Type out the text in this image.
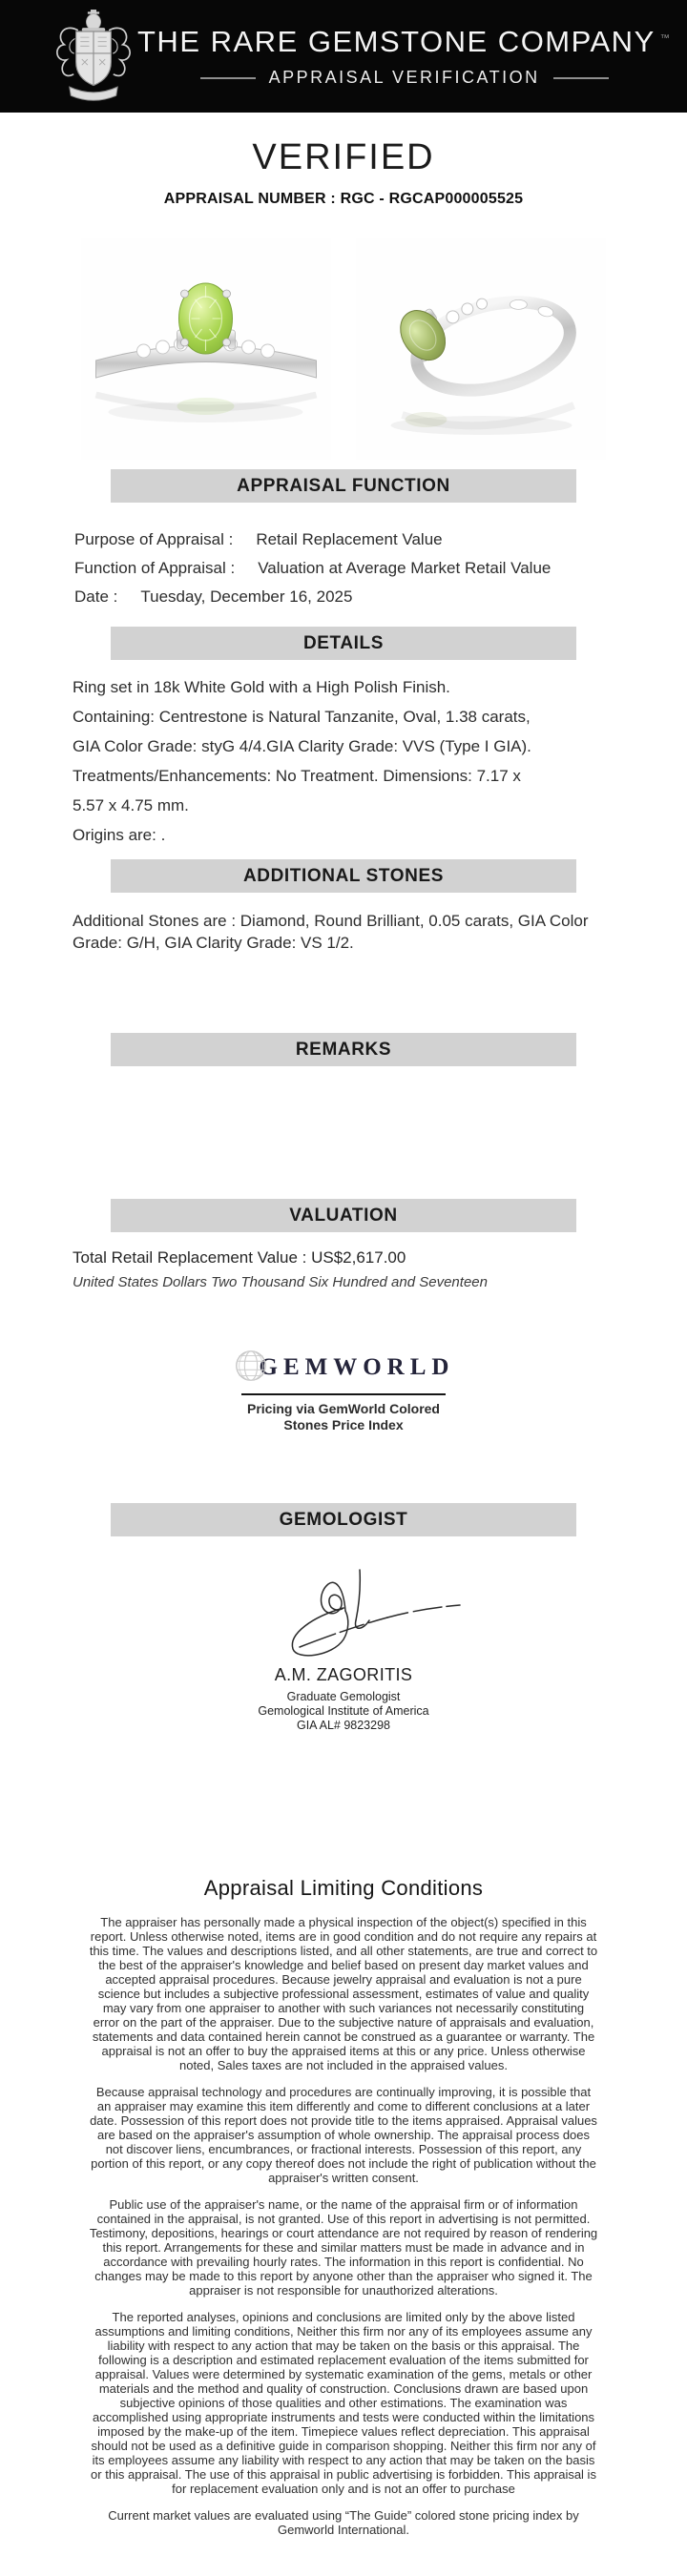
THE RARE GEMSTONE COMPANY ™
APPRAISAL VERIFICATION
VERIFIED
APPRAISAL NUMBER : RGC - RGCAP000005525
APPRAISAL FUNCTION
Purpose of Appraisal : Retail Replacement Value
Function of Appraisal : Valuation at Average Market Retail Value
Date : Tuesday, December 16, 2025
DETAILS
Ring set in 18k White Gold with a High Polish Finish.
Containing: Centrestone is Natural Tanzanite, Oval, 1.38 carats,
GIA Color Grade: styG 4/4.GIA Clarity Grade: VVS (Type I GIA).
Treatments/Enhancements: No Treatment. Dimensions: 7.17 x
5.57 x 4.75 mm.
Origins are: .
ADDITIONAL STONES
Additional Stones are : Diamond, Round Brilliant, 0.05 carats, GIA Color Grade: G/H, GIA Clarity Grade: VS 1/2.
REMARKS
VALUATION
Total Retail Replacement Value : US$2,617.00
United States Dollars Two Thousand Six Hundred and Seventeen
GEMWORLD
Pricing via GemWorld Colored
Stones Price Index
GEMOLOGIST
A.M. ZAGORITIS
Graduate Gemologist
Gemological Institute of America
GIA AL# 9823298
Appraisal Limiting Conditions

The appraiser has personally made a physical inspection of the object(s) specified in this report. Unless otherwise noted, items are in good condition and do not require any repairs at this time. The values and descriptions listed, and all other statements, are true and correct to the best of the appraiser's knowledge and belief based on present day market values and accepted appraisal procedures. Because jewelry appraisal and evaluation is not a pure science but includes a subjective professional assessment, estimates of value and quality may vary from one appraiser to another with such variances not necessarily constituting error on the part of the appraiser. Due to the subjective nature of appraisals and evaluation, statements and data contained herein cannot be construed as a guarantee or warranty. The appraisal is not an offer to buy the appraised items at this or any price. Unless otherwise noted, Sales taxes are not included in the appraised values.

Because appraisal technology and procedures are continually improving, it is possible that an appraiser may examine this item differently and come to different conclusions at a later date. Possession of this report does not provide title to the items appraised. Appraisal values are based on the appraiser's assumption of whole ownership. The appraisal process does not discover liens, encumbrances, or fractional interests. Possession of this report, any portion of this report, or any copy thereof does not include the right of publication without the appraiser's written consent.

Public use of the appraiser's name, or the name of the appraisal firm or of information contained in the appraisal, is not granted. Use of this report in advertising is not permitted. Testimony, depositions, hearings or court attendance are not required by reason of rendering this report. Arrangements for these and similar matters must be made in advance and in accordance with prevailing hourly rates. The information in this report is confidential. No changes may be made to this report by anyone other than the appraiser who signed it. The appraiser is not responsible for unauthorized alterations.

The reported analyses, opinions and conclusions are limited only by the above listed assumptions and limiting conditions, Neither this firm nor any of its employees assume any liability with respect to any action that may be taken on the basis or this appraisal. The following is a description and estimated replacement evaluation of the items submitted for appraisal. Values were determined by systematic examination of the gems, metals or other materials and the method and quality of construction. Conclusions drawn are based upon subjective opinions of those qualities and other estimations. The examination was accomplished using appropriate instruments and tests were conducted within the limitations imposed by the make-up of the item. Timepiece values reflect depreciation. This appraisal should not be used as a definitive guide in comparison shopping. Neither this firm nor any of its employees assume any liability with respect to any action that may be taken on the basis or this appraisal. The use of this appraisal in public advertising is forbidden. This appraisal is for replacement evaluation only and is not an offer to purchase

Current market values are evaluated using “The Guide” colored stone pricing index by Gemworld International.
